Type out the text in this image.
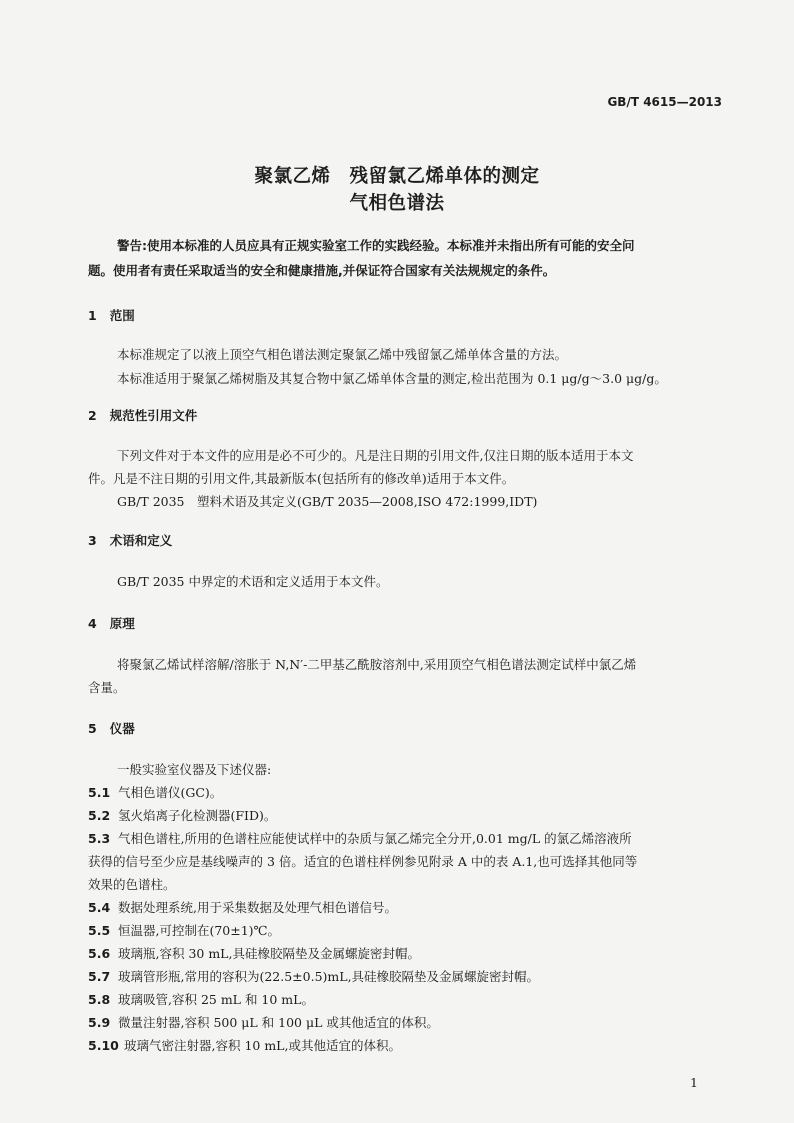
GB/T 4615—2013
聚氯乙烯　残留氯乙烯单体的测定
气相色谱法
警告:使用本标准的人员应具有正规实验室工作的实践经验。本标准并未指出所有可能的安全问
题。使用者有责任采取适当的安全和健康措施,并保证符合国家有关法规规定的条件。
1 范围
本标准规定了以液上顶空气相色谱法测定聚氯乙烯中残留氯乙烯单体含量的方法。
本标准适用于聚氯乙烯树脂及其复合物中氯乙烯单体含量的测定,检出范围为 0.1 μg/g～3.0 μg/g。
2 规范性引用文件
下列文件对于本文件的应用是必不可少的。凡是注日期的引用文件,仅注日期的版本适用于本文
件。凡是不注日期的引用文件,其最新版本(包括所有的修改单)适用于本文件。
GB/T 2035　塑料术语及其定义(GB/T 2035—2008,ISO 472:1999,IDT)
3 术语和定义
GB/T 2035 中界定的术语和定义适用于本文件。
4 原理
将聚氯乙烯试样溶解/溶胀于 N,N′-二甲基乙酰胺溶剂中,采用顶空气相色谱法测定试样中氯乙烯
含量。
5 仪器
一般实验室仪器及下述仪器:
5.1 气相色谱仪(GC)。
5.2 氢火焰离子化检测器(FID)。
5.3 气相色谱柱,所用的色谱柱应能使试样中的杂质与氯乙烯完全分开,0.01 mg/L 的氯乙烯溶液所
获得的信号至少应是基线噪声的 3 倍。适宜的色谱柱样例参见附录 A 中的表 A.1,也可选择其他同等
效果的色谱柱。
5.4 数据处理系统,用于采集数据及处理气相色谱信号。
5.5 恒温器,可控制在(70±1)℃。
5.6 玻璃瓶,容积 30 mL,具硅橡胶隔垫及金属螺旋密封帽。
5.7 玻璃管形瓶,常用的容积为(22.5±0.5)mL,具硅橡胶隔垫及金属螺旋密封帽。
5.8 玻璃吸管,容积 25 mL 和 10 mL。
5.9 微量注射器,容积 500 μL 和 100 μL 或其他适宜的体积。
5.10 玻璃气密注射器,容积 10 mL,或其他适宜的体积。
1
